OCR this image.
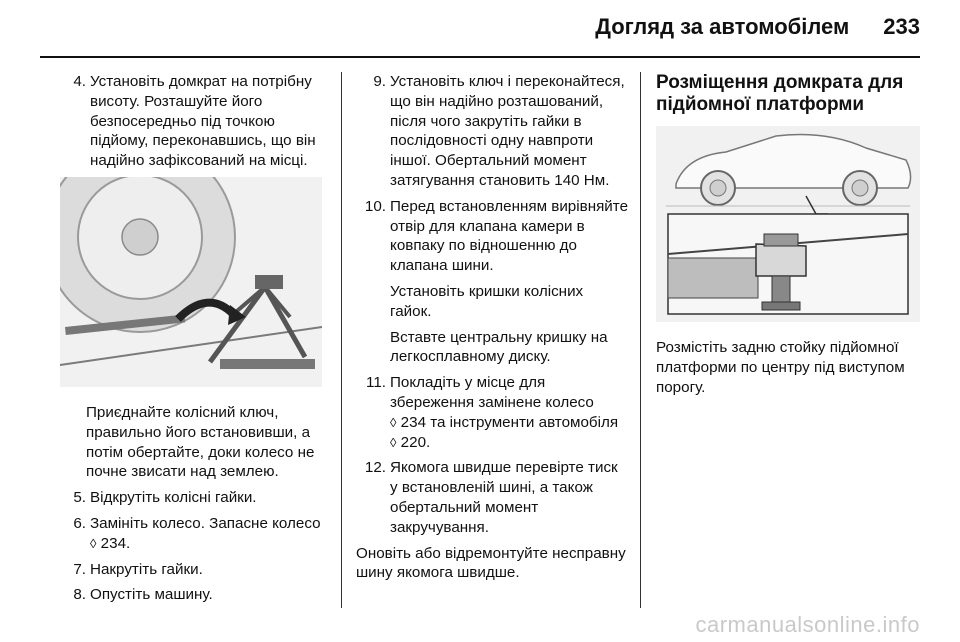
Догляд за автомобілем 233
4. Установіть домкрат на потрібну висоту. Розташуйте його безпосередньо під точкою підйому, переконавшись, що він надійно зафіксований на місці.

Приєднайте колісний ключ, правильно його встановивши, а потім обертайте, доки колесо не почне звисати над землею.

5. Відкрутіть колісні гайки.
6. Замініть колесо. Запасне колесо ◊ 234.
7. Накрутіть гайки.
8. Опустіть машину.
9. Установіть ключ і переконайтеся, що він надійно розташований, після чого закрутіть гайки в послідовності одну навпроти іншої. Обертальний момент затягування становить 140 Нм.
10. Перед встановленням вирівняйте отвір для клапана камери в ковпаку по відношенню до клапана шини.
Установіть кришки колісних гайок.
Вставте центральну кришку на легкосплавному диску.
11. Покладіть у місце для збереження замінене колесо
◊ 234 та інструменти автомобіля ◊ 220.
12. Якомога швидше перевірте тиск у встановленій шині, а також обертальний момент закручування.

Оновіть або відремонтуйте несправну шину якомога швидше.

Розміщення домкрата для підйомної платформи

Розмістіть задню стойку підйомної платформи по центру під виступом порогу.

carmanualsonline.info
